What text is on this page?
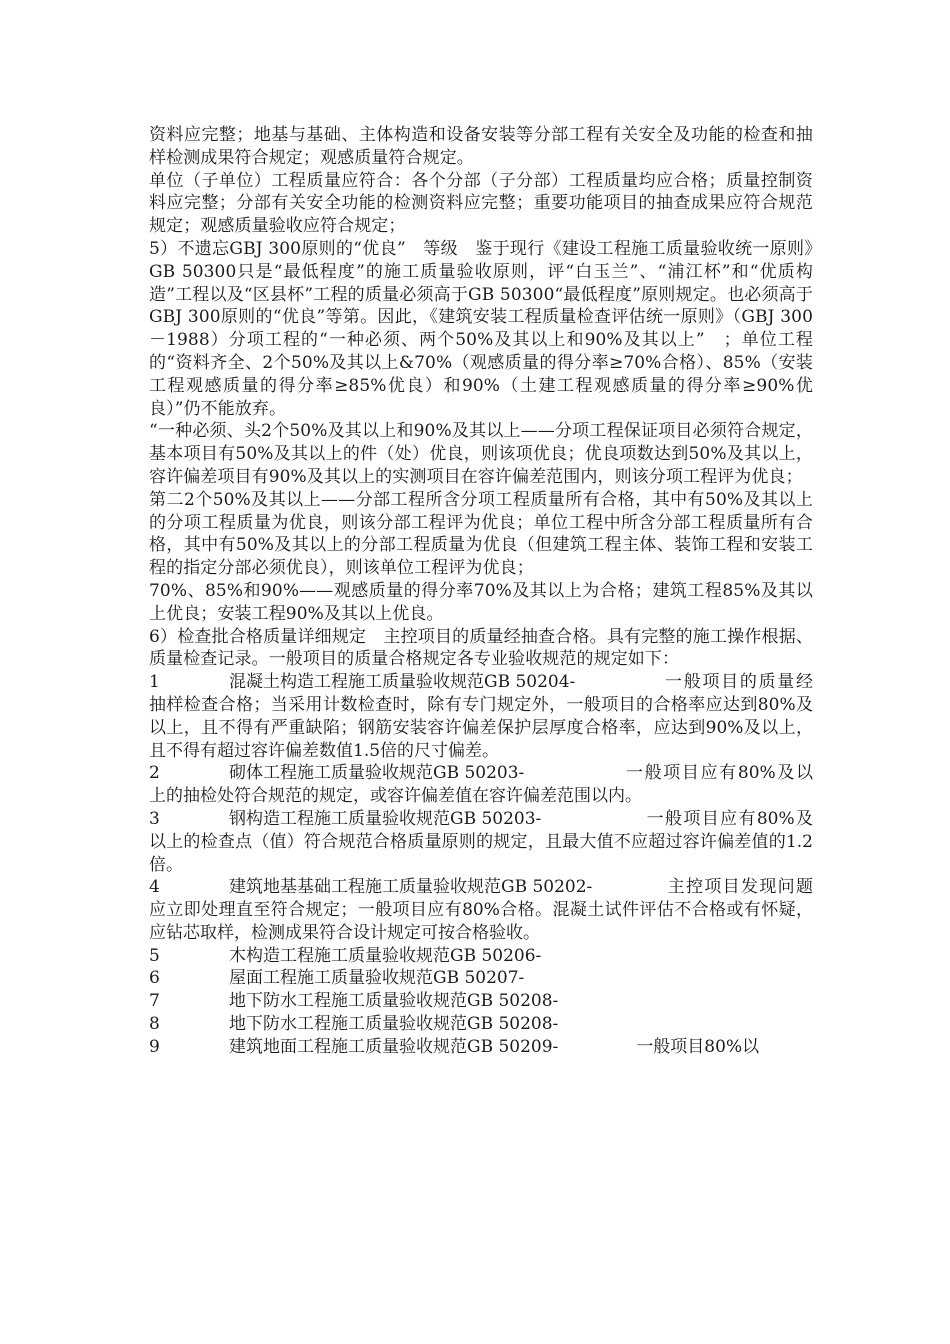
资料应完整；地基与基础、主体构造和设备安装等分部工程有关安全及功能的检查和抽样检测成果符合规定；观感质量符合规定。

单位（子单位）工程质量应符合：各个分部（子分部）工程质量均应合格；质量控制资料应完整；分部有关安全功能的检测资料应完整；重要功能项目的抽查成果应符合规范规定；观感质量验收应符合规定；

5）不遗忘GBJ 300原则的“优良”　等级　鉴于现行《建设工程施工质量验收统一原则》GB 50300只是“最低程度”的施工质量验收原则，评“白玉兰”、“浦江杯”和“优质构造”工程以及“区县杯”工程的质量必须高于GB 50300“最低程度”原则规定。也必须高于GBJ 300原则的“优良”等第。因此，《建筑安装工程质量检查评估统一原则》（GBJ 300－1988）分项工程的“一种必须、两个50%及其以上和90%及其以上”　；单位工程的“资料齐全、2个50%及其以上&70%（观感质量的得分率≥70%合格）、85%（安装工程观感质量的得分率≥85%优良）和90%（土建工程观感质量的得分率≥90%优良）”仍不能放弃。

“一种必须、头2个50%及其以上和90%及其以上——分项工程保证项目必须符合规定，基本项目有50%及其以上的件（处）优良，则该项优良；优良项数达到50%及其以上，容许偏差项目有90%及其以上的实测项目在容许偏差范围内，则该分项工程评为优良；

第二2个50%及其以上——分部工程所含分项工程质量所有合格，其中有50%及其以上的分项工程质量为优良，则该分部工程评为优良；单位工程中所含分部工程质量所有合格，其中有50%及其以上的分部工程质量为优良（但建筑工程主体、装饰工程和安装工程的指定分部必须优良），则该单位工程评为优良；

70%、85%和90%——观感质量的得分率70%及其以上为合格；建筑工程85%及其以上优良；安装工程90%及其以上优良。

6）检查批合格质量详细规定　主控项目的质量经抽查合格。具有完整的施工操作根据、质量检查记录。一般项目的质量合格规定各专业验收规范的规定如下：

1	混凝土构造工程施工质量验收规范GB 50204-	一般项目的质量经抽样检查合格；当采用计数检查时，除有专门规定外，一般项目的合格率应达到80%及以上，且不得有严重缺陷；钢筋安装容许偏差保护层厚度合格率，应达到90%及以上，且不得有超过容许偏差数值1.5倍的尺寸偏差。

2	砌体工程施工质量验收规范GB 50203-	一般项目应有80%及以上的抽检处符合规范的规定，或容许偏差值在容许偏差范围以内。

3	钢构造工程施工质量验收规范GB 50203-	一般项目应有80%及以上的检查点（值）符合规范合格质量原则的规定，且最大值不应超过容许偏差值的1.2倍。

4	建筑地基基础工程施工质量验收规范GB 50202-	主控项目发现问题应立即处理直至符合规定；一般项目应有80%合格。混凝土试件评估不合格或有怀疑，应钻芯取样，检测成果符合设计规定可按合格验收。

5	木构造工程施工质量验收规范GB 50206-

6	屋面工程施工质量验收规范GB 50207-

7	地下防水工程施工质量验收规范GB 50208-

8	地下防水工程施工质量验收规范GB 50208-

9	建筑地面工程施工质量验收规范GB 50209-	一般项目80%以
